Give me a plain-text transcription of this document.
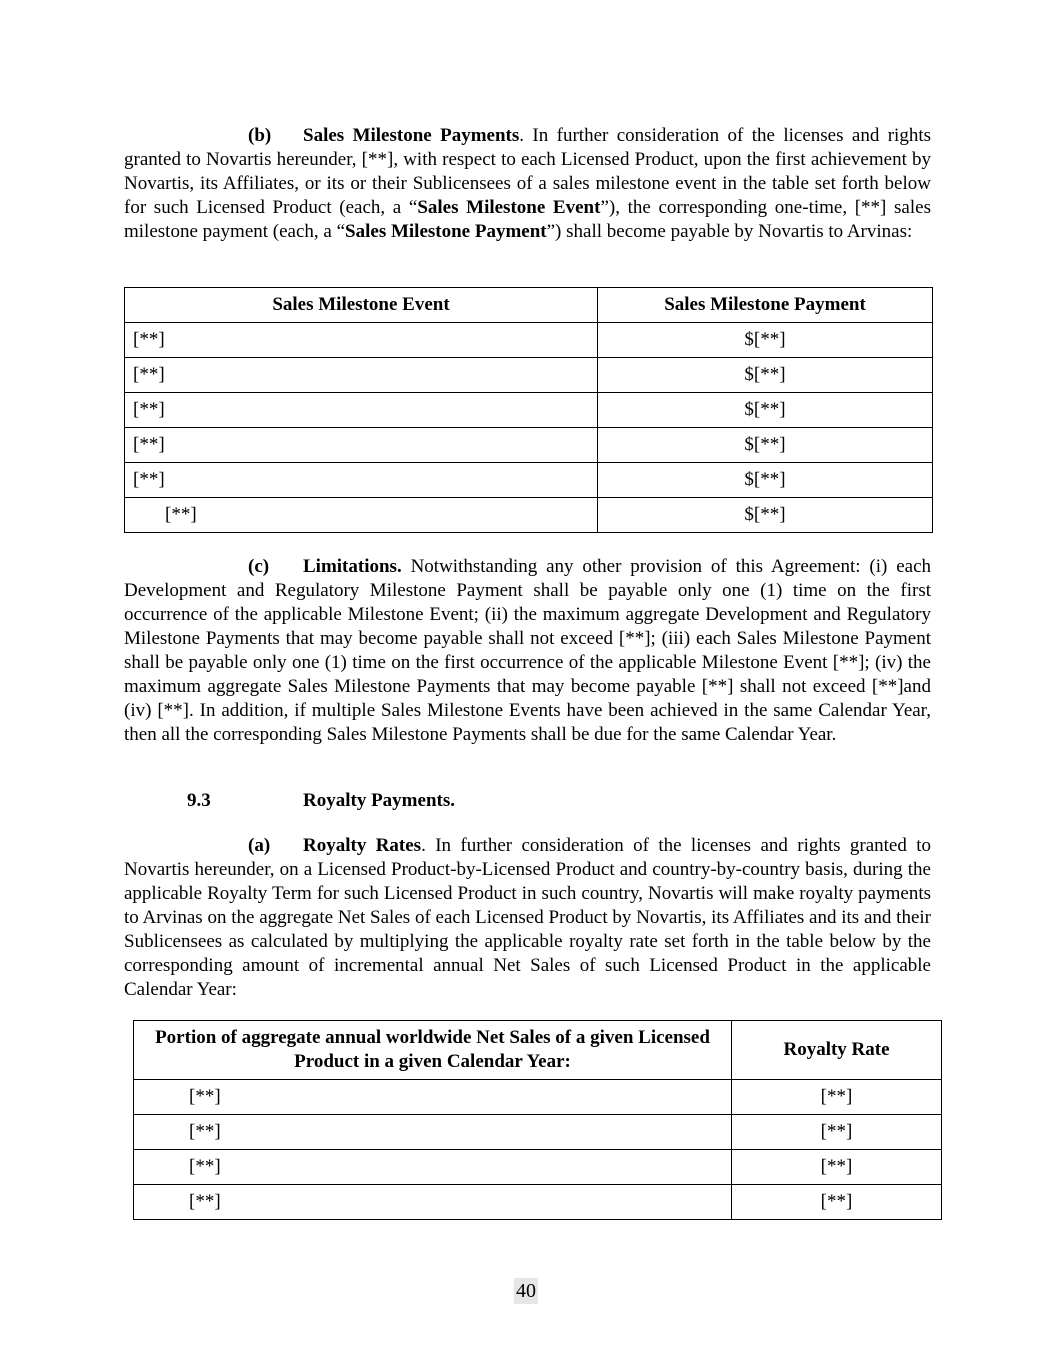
(b) Sales Milestone Payments. In further consideration of the licenses and rights granted to Novartis hereunder, [**], with respect to each Licensed Product, upon the first achievement by Novartis, its Affiliates, or its or their Sublicensees of a sales milestone event in the table set forth below for such Licensed Product (each, a “Sales Milestone Event”), the corresponding one-time, [**] sales milestone payment (each, a “Sales Milestone Payment”) shall become payable by Novartis to Arvinas:

Sales Milestone Event	Sales Milestone Payment
[**]	$[**]
[**]	$[**]
[**]	$[**]
[**]	$[**]
[**]	$[**]
[**]	$[**]

(c) Limitations. Notwithstanding any other provision of this Agreement: (i) each Development and Regulatory Milestone Payment shall be payable only one (1) time on the first occurrence of the applicable Milestone Event; (ii) the maximum aggregate Development and Regulatory Milestone Payments that may become payable shall not exceed [**]; (iii) each Sales Milestone Payment shall be payable only one (1) time on the first occurrence of the applicable Milestone Event [**]; (iv) the maximum aggregate Sales Milestone Payments that may become payable [**] shall not exceed [**]and (iv) [**]. In addition, if multiple Sales Milestone Events have been achieved in the same Calendar Year, then all the corresponding Sales Milestone Payments shall be due for the same Calendar Year.

9.3	Royalty Payments.

(a) Royalty Rates. In further consideration of the licenses and rights granted to Novartis hereunder, on a Licensed Product-by-Licensed Product and country-by-country basis, during the applicable Royalty Term for such Licensed Product in such country, Novartis will make royalty payments to Arvinas on the aggregate Net Sales of each Licensed Product by Novartis, its Affiliates and its and their Sublicensees as calculated by multiplying the applicable royalty rate set forth in the table below by the corresponding amount of incremental annual Net Sales of such Licensed Product in the applicable Calendar Year:

Portion of aggregate annual worldwide Net Sales of a given Licensed Product in a given Calendar Year:	Royalty Rate
[**]	[**]
[**]	[**]
[**]	[**]
[**]	[**]
40
